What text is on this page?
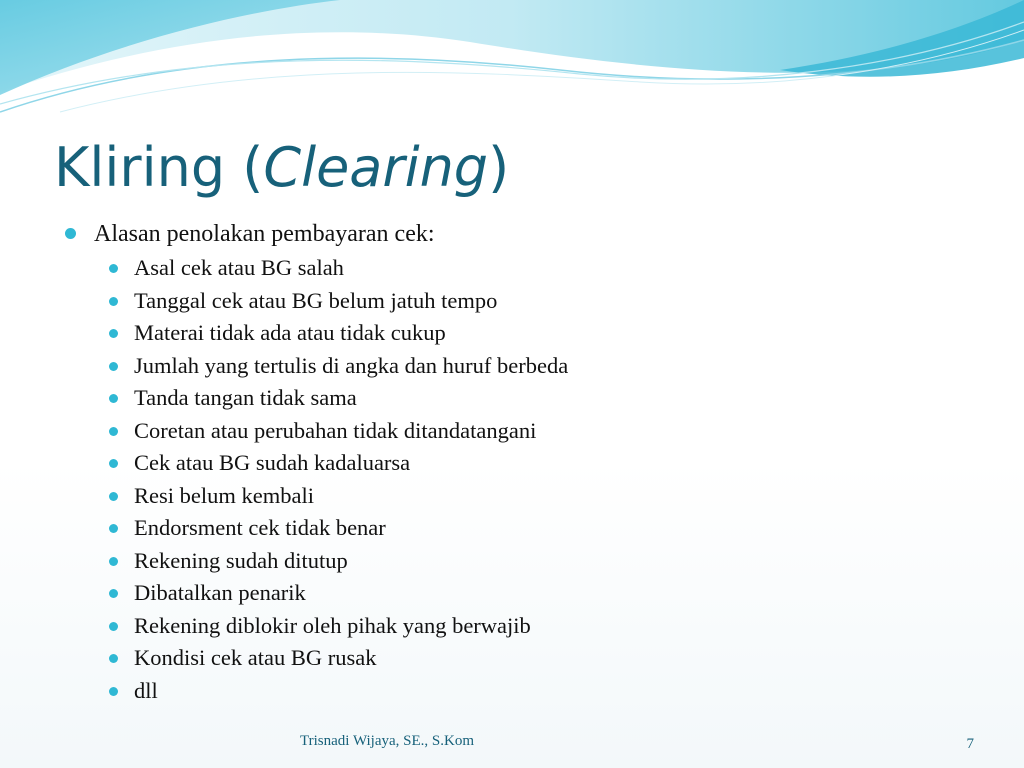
Kliring (Clearing)
Alasan penolakan pembayaran cek:
Asal cek atau BG salah
Tanggal cek atau BG belum jatuh tempo
Materai tidak ada atau tidak cukup
Jumlah yang tertulis di angka dan huruf berbeda
Tanda tangan tidak sama
Coretan atau perubahan tidak ditandatangani
Cek atau BG sudah kadaluarsa
Resi belum kembali
Endorsment cek tidak benar
Rekening sudah ditutup
Dibatalkan penarik
Rekening diblokir oleh pihak yang berwajib
Kondisi cek atau BG rusak
dll
Trisnadi Wijaya, SE., S.Kom	7
